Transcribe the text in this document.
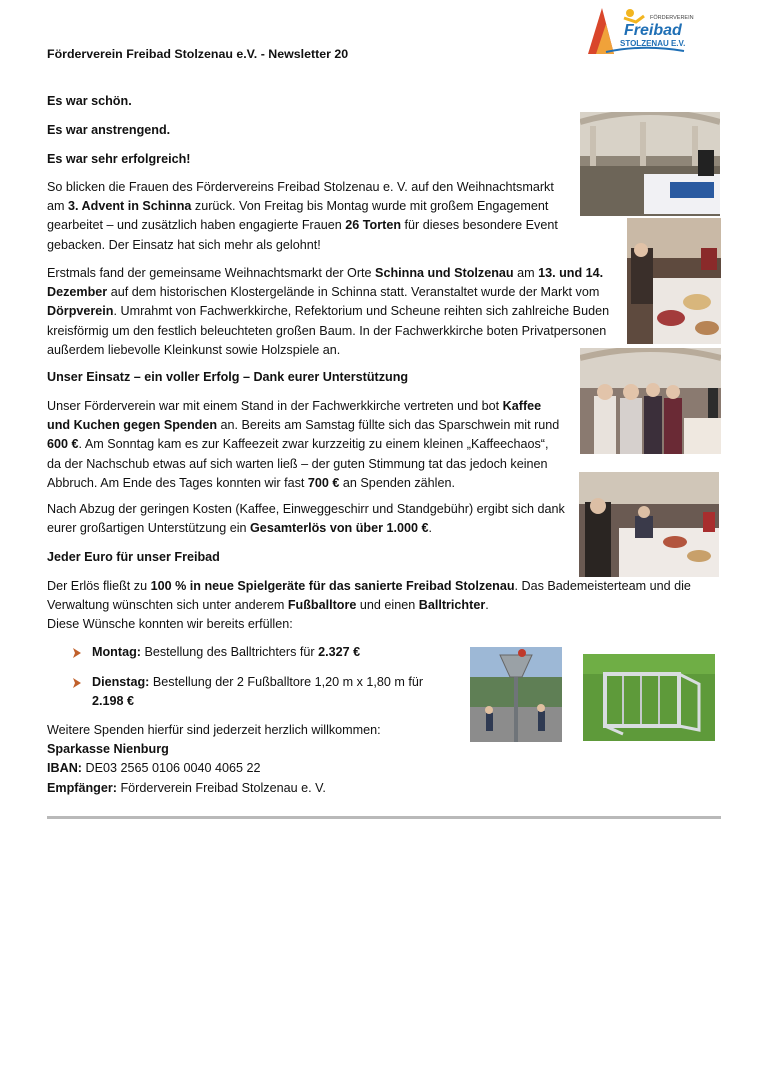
Förderverein Freibad Stolzenau e.V. - Newsletter 20
FÖRDERVEREIN
Freibad
STOLZENAU E.V.

Es war schön.

Es war anstrengend.

Es war sehr erfolgreich!

So blicken die Frauen des Fördervereins Freibad Stolzenau e. V. auf den Weihnachtsmarkt am 3. Advent in Schinna zurück. Von Freitag bis Montag wurde mit großem Engagement gearbeitet – und zusätzlich haben engagierte Frauen 26 Torten für dieses besondere Event gebacken. Der Einsatz hat sich mehr als gelohnt!

Erstmals fand der gemeinsame Weihnachtsmarkt der Orte Schinna und Stolzenau am 13. und 14. Dezember auf dem historischen Klostergelände in Schinna statt. Veranstaltet wurde der Markt vom Dörpverein. Umrahmt von Fachwerkkirche, Refektorium und Scheune reihten sich zahlreiche Buden kreisförmig um den festlich beleuchteten großen Baum. In der Fachwerkkirche boten Privatpersonen außerdem liebevolle Kleinkunst sowie Holzspiele an.

Unser Einsatz – ein voller Erfolg – Dank eurer Unterstützung

Unser Förderverein war mit einem Stand in der Fachwerkkirche vertreten und bot Kaffee und Kuchen gegen Spenden an. Bereits am Samstag füllte sich das Sparschwein mit rund 600 €. Am Sonntag kam es zur Kaffeezeit zwar kurzzeitig zu einem kleinen „Kaffeechaos“, da der Nachschub etwas auf sich warten ließ – der guten Stimmung tat das jedoch keinen Abbruch. Am Ende des Tages konnten wir fast 700 € an Spenden zählen.

Nach Abzug der geringen Kosten (Kaffee, Einweggeschirr und Standgebühr) ergibt sich dank eurer großartigen Unterstützung ein Gesamterlös von über 1.000 €.

Jeder Euro für unser Freibad

Der Erlös fließt zu 100 % in neue Spielgeräte für das sanierte Freibad Stolzenau. Das Bademeisterteam und die Verwaltung wünschten sich unter anderem Fußballtore und einen Balltrichter.
Diese Wünsche konnten wir bereits erfüllen:

Montag: Bestellung des Balltrichters für 2.327 €
Dienstag: Bestellung der 2 Fußballtore 1,20 m x 1,80 m für 2.198 €

Weitere Spenden hierfür sind jederzeit herzlich willkommen:
Sparkasse Nienburg
IBAN: DE03 2565 0106 0040 4065 22
Empfänger: Förderverein Freibad Stolzenau e. V.
